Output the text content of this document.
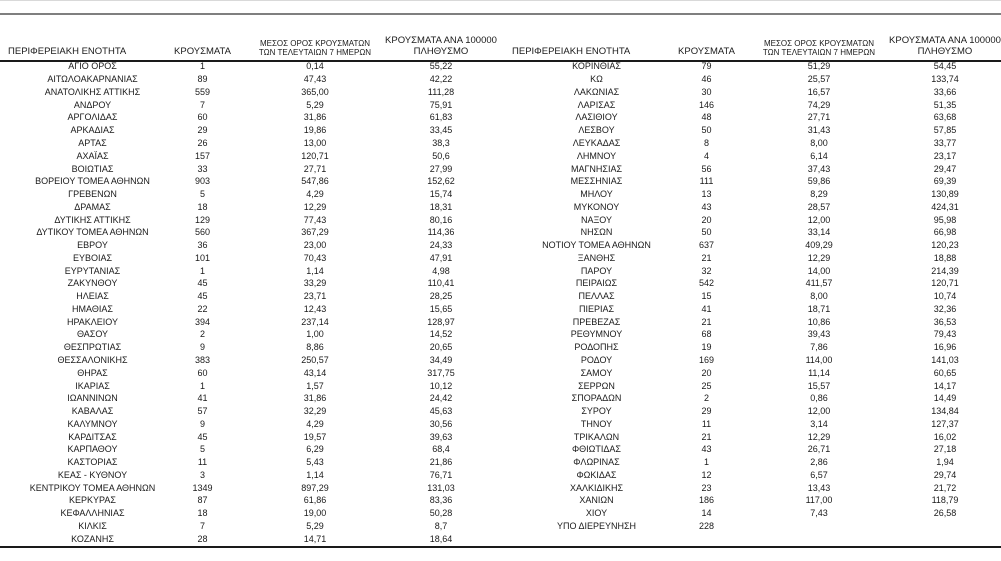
ΠΕΡΙΦΕΡΕΙΑΚΗ ΕΝΟΤΗΤΑ	ΚΡΟΥΣΜΑΤΑ	ΜΕΣΟΣ ΟΡΟΣ ΚΡΟΥΣΜΑΤΩΝ
ΤΩΝ ΤΕΛΕΥΤΑΙΩΝ 7 ΗΜΕΡΩΝ	ΚΡΟΥΣΜΑΤΑ ΑΝΑ 100000
ΠΛΗΘΥΣΜΟ

ΑΓΙΟ ΟΡΟΣ	1	0,14	55,22
ΑΙΤΩΛΟΑΚΑΡΝΑΝΙΑΣ	89	47,43	42,22
ΑΝΑΤΟΛΙΚΗΣ ΑΤΤΙΚΗΣ	559	365,00	111,28
ΑΝΔΡΟΥ	7	5,29	75,91
ΑΡΓΟΛΙΔΑΣ	60	31,86	61,83
ΑΡΚΑΔΙΑΣ	29	19,86	33,45
ΑΡΤΑΣ	26	13,00	38,3
ΑΧΑΪΑΣ	157	120,71	50,6
ΒΟΙΩΤΙΑΣ	33	27,71	27,99
ΒΟΡΕΙΟΥ ΤΟΜΕΑ ΑΘΗΝΩΝ	903	547,86	152,62
ΓΡΕΒΕΝΩΝ	5	4,29	15,74
ΔΡΑΜΑΣ	18	12,29	18,31
ΔΥΤΙΚΗΣ ΑΤΤΙΚΗΣ	129	77,43	80,16
ΔΥΤΙΚΟΥ ΤΟΜΕΑ ΑΘΗΝΩΝ	560	367,29	114,36
ΕΒΡΟΥ	36	23,00	24,33
ΕΥΒΟΙΑΣ	101	70,43	47,91
ΕΥΡΥΤΑΝΙΑΣ	1	1,14	4,98
ΖΑΚΥΝΘΟΥ	45	33,29	110,41
ΗΛΕΙΑΣ	45	23,71	28,25
ΗΜΑΘΙΑΣ	22	12,43	15,65
ΗΡΑΚΛΕΙΟΥ	394	237,14	128,97
ΘΑΣΟΥ	2	1,00	14,52
ΘΕΣΠΡΩΤΙΑΣ	9	8,86	20,65
ΘΕΣΣΑΛΟΝΙΚΗΣ	383	250,57	34,49
ΘΗΡΑΣ	60	43,14	317,75
ΙΚΑΡΙΑΣ	1	1,57	10,12
ΙΩΑΝΝΙΝΩΝ	41	31,86	24,42
ΚΑΒΑΛΑΣ	57	32,29	45,63
ΚΑΛΥΜΝΟΥ	9	4,29	30,56
ΚΑΡΔΙΤΣΑΣ	45	19,57	39,63
ΚΑΡΠΑΘΟΥ	5	6,29	68,4
ΚΑΣΤΟΡΙΑΣ	11	5,43	21,86
ΚΕΑΣ - ΚΥΘΝΟΥ	3	1,14	76,71
ΚΕΝΤΡΙΚΟΥ ΤΟΜΕΑ ΑΘΗΝΩΝ	1349	897,29	131,03
ΚΕΡΚΥΡΑΣ	87	61,86	83,36
ΚΕΦΑΛΛΗΝΙΑΣ	18	19,00	50,28
ΚΙΛΚΙΣ	7	5,29	8,7
ΚΟΖΑΝΗΣ	28	14,71	18,64
ΠΕΡΙΦΕΡΕΙΑΚΗ ΕΝΟΤΗΤΑ	ΚΡΟΥΣΜΑΤΑ	ΜΕΣΟΣ ΟΡΟΣ ΚΡΟΥΣΜΑΤΩΝ
ΤΩΝ ΤΕΛΕΥΤΑΙΩΝ 7 ΗΜΕΡΩΝ	ΚΡΟΥΣΜΑΤΑ ΑΝΑ 100000
ΠΛΗΘΥΣΜΟ

ΚΟΡΙΝΘΙΑΣ	79	51,29	54,45
ΚΩ	46	25,57	133,74
ΛΑΚΩΝΙΑΣ	30	16,57	33,66
ΛΑΡΙΣΑΣ	146	74,29	51,35
ΛΑΣΙΘΙΟΥ	48	27,71	63,68
ΛΕΣΒΟΥ	50	31,43	57,85
ΛΕΥΚΑΔΑΣ	8	8,00	33,77
ΛΗΜΝΟΥ	4	6,14	23,17
ΜΑΓΝΗΣΙΑΣ	56	37,43	29,47
ΜΕΣΣΗΝΙΑΣ	111	59,86	69,39
ΜΗΛΟΥ	13	8,29	130,89
ΜΥΚΟΝΟΥ	43	28,57	424,31
ΝΑΞΟΥ	20	12,00	95,98
ΝΗΣΩΝ	50	33,14	66,98
ΝΟΤΙΟΥ ΤΟΜΕΑ ΑΘΗΝΩΝ	637	409,29	120,23
ΞΑΝΘΗΣ	21	12,29	18,88
ΠΑΡΟΥ	32	14,00	214,39
ΠΕΙΡΑΙΩΣ	542	411,57	120,71
ΠΕΛΛΑΣ	15	8,00	10,74
ΠΙΕΡΙΑΣ	41	18,71	32,36
ΠΡΕΒΕΖΑΣ	21	10,86	36,53
ΡΕΘΥΜΝΟΥ	68	39,43	79,43
ΡΟΔΟΠΗΣ	19	7,86	16,96
ΡΟΔΟΥ	169	114,00	141,03
ΣΑΜΟΥ	20	11,14	60,65
ΣΕΡΡΩΝ	25	15,57	14,17
ΣΠΟΡΑΔΩΝ	2	0,86	14,49
ΣΥΡΟΥ	29	12,00	134,84
ΤΗΝΟΥ	11	3,14	127,37
ΤΡΙΚΑΛΩΝ	21	12,29	16,02
ΦΘΙΩΤΙΔΑΣ	43	26,71	27,18
ΦΛΩΡΙΝΑΣ	1	2,86	1,94
ΦΩΚΙΔΑΣ	12	6,57	29,74
ΧΑΛΚΙΔΙΚΗΣ	23	13,43	21,72
ΧΑΝΙΩΝ	186	117,00	118,79
ΧΙΟΥ	14	7,43	26,58
ΥΠΟ ΔΙΕΡΕΥΝΗΣΗ	228		
